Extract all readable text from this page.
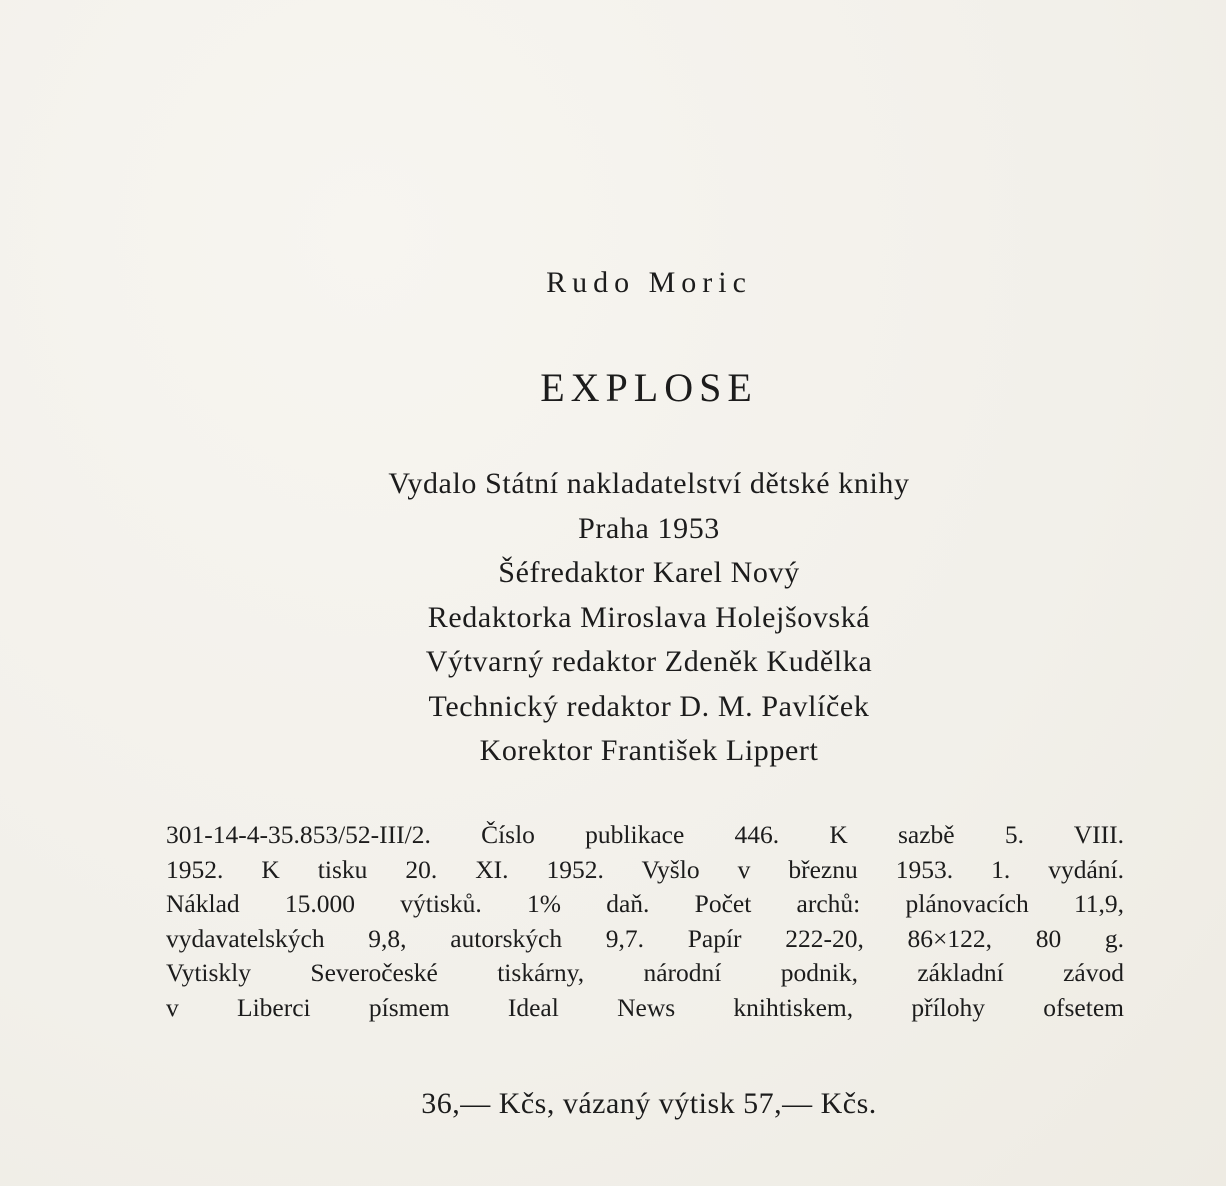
Rudo Moric
EXPLOSE
Vydalo Státní nakladatelství dětské knihy
Praha 1953
Šéfredaktor Karel Nový
Redaktorka Miroslava Holejšovská
Výtvarný redaktor Zdeněk Kudělka
Technický redaktor D. M. Pavlíček
Korektor František Lippert
301-14-4-35.853/52-III/2. Číslo publikace 446. K sazbě 5. VIII.
1952. K tisku 20. XI. 1952. Vyšlo v březnu 1953. 1. vydání.
Náklad 15.000 výtisků. 1% daň. Počet archů: plánovacích 11,9,
vydavatelských 9,8, autorských 9,7. Papír 222-20, 86×122, 80 g.
Vytiskly Severočeské tiskárny, národní podnik, základní závod
v Liberci písmem Ideal News knihtiskem, přílohy ofsetem
36,— Kčs, vázaný výtisk 57,— Kčs.
